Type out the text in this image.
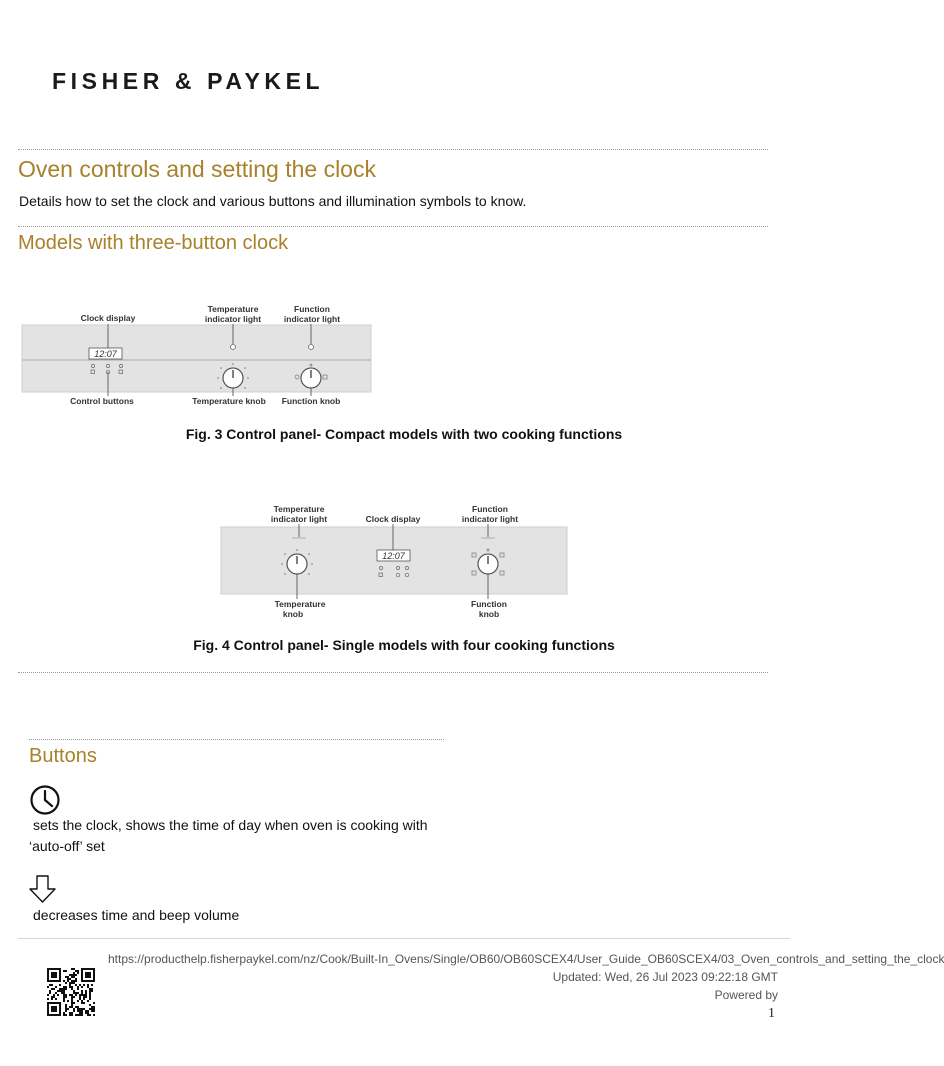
FISHER & PAYKEL
Oven controls and setting the clock
Details how to set the clock and various buttons and illumination symbols to know.
Models with three-button clock
Clock display
12:07
Control buttons
Temperature
indicator light
Temperature knob
Function
indicator light
Function knob
Fig. 3 Control panel- Compact models with two cooking functions
Temperature
indicator light
Temperature
knob
Clock display
12:07
Function
indicator light
Function
knob
Fig. 4 Control panel- Single models with four cooking functions
Buttons
sets the clock, shows the time of day when oven is cooking with
‘auto-off’ set
decreases time and beep volume
https://producthelp.fisherpaykel.com/nz/Cook/Built-In_Ovens/Single/OB60/OB60SCEX4/User_Guide_OB60SCEX4/03_Oven_controls_and_setting_the_clock
Updated: Wed, 26 Jul 2023 09:22:18 GMT
Powered by
1
